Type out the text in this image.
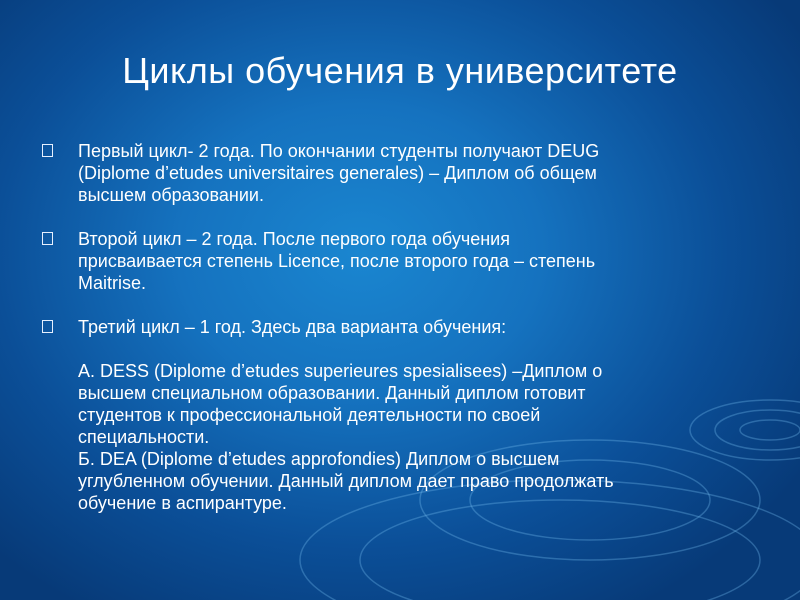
Циклы обучения в университете

Первый цикл- 2 года. По окончании студенты получают DEUG

(Diplome d’etudes universitaires generales) – Диплом об общем

высшем образовании.

Второй цикл – 2 года. После первого года обучения

присваивается степень Licence, после второго года – степень

Maitrise.

Третий цикл – 1 год. Здесь два варианта обучения:

А. DESS (Diplome d’etudes superieures spesialisees) –Диплом о

высшем специальном образовании. Данный диплом готовит

студентов к профессиональной деятельности по своей

специальности.

Б. DEA (Diplome d’etudes approfondies) Диплом о высшем

углубленном обучении. Данный диплом дает право продолжать

обучение в аспирантуре.
